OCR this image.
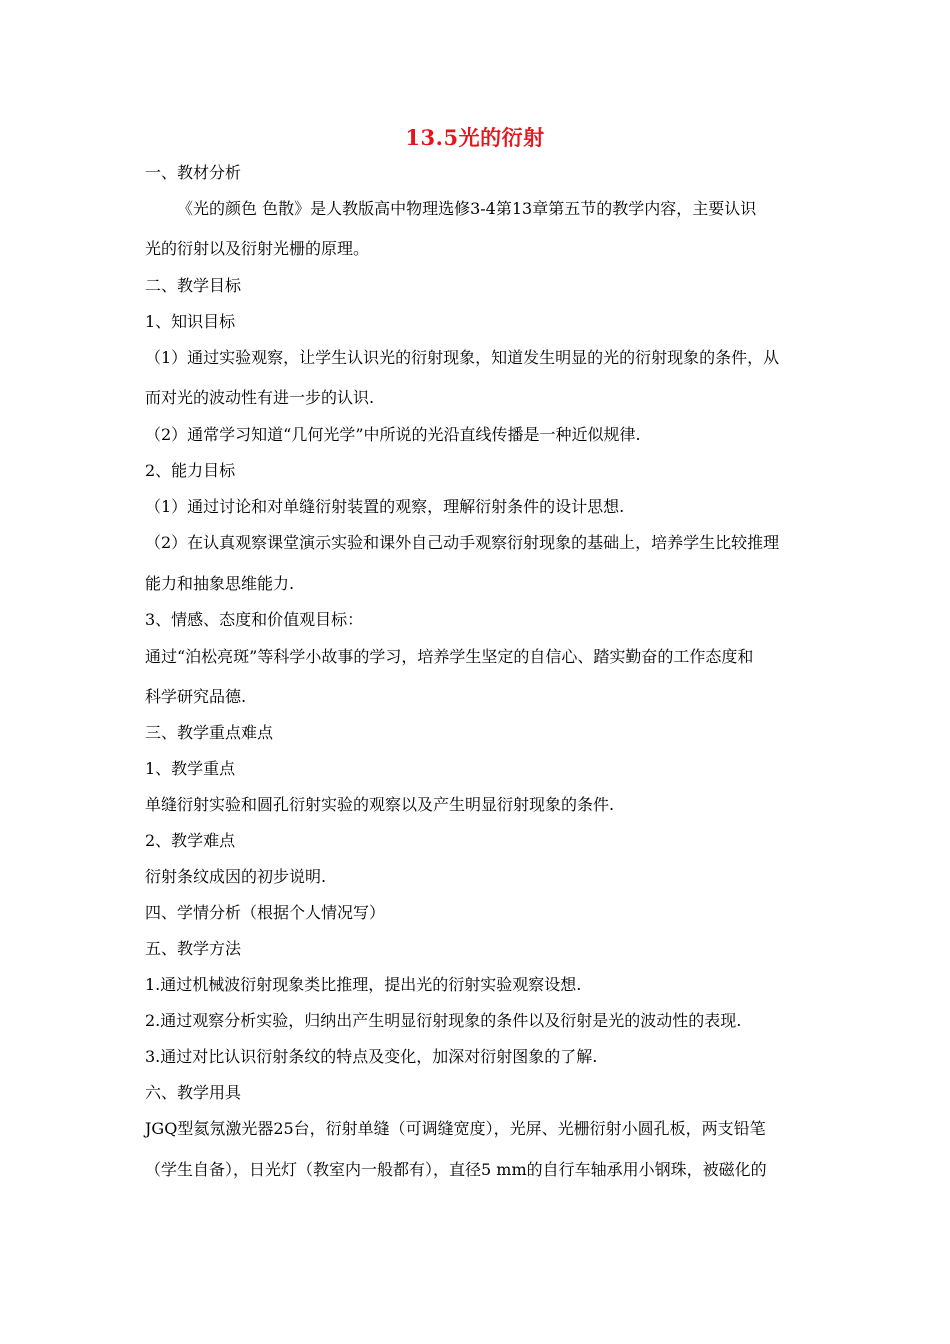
13.5光的衍射
一、教材分析
《光的颜色 色散》是人教版高中物理选修3-4第13章第五节的教学内容，主要认识
光的衍射以及衍射光栅的原理。
二、教学目标
1、知识目标
（1）通过实验观察，让学生认识光的衍射现象，知道发生明显的光的衍射现象的条件，从
而对光的波动性有进一步的认识.
（2）通常学习知道“几何光学”中所说的光沿直线传播是一种近似规律.
2、能力目标
（1）通过讨论和对单缝衍射装置的观察，理解衍射条件的设计思想.
（2）在认真观察课堂演示实验和课外自己动手观察衍射现象的基础上，培养学生比较推理
能力和抽象思维能力.
3、情感、态度和价值观目标：
通过“泊松亮斑”等科学小故事的学习，培养学生坚定的自信心、踏实勤奋的工作态度和
科学研究品德.
三、教学重点难点
1、教学重点
单缝衍射实验和圆孔衍射实验的观察以及产生明显衍射现象的条件.
2、教学难点
衍射条纹成因的初步说明.
四、学情分析（根据个人情况写）
五、教学方法
1.通过机械波衍射现象类比推理，提出光的衍射实验观察设想.
2.通过观察分析实验，归纳出产生明显衍射现象的条件以及衍射是光的波动性的表现.
3.通过对比认识衍射条纹的特点及变化，加深对衍射图象的了解.
六、教学用具
JGQ型氦氖激光器25台，衍射单缝（可调缝宽度），光屏、光栅衍射小圆孔板，两支铅笔
（学生自备），日光灯（教室内一般都有），直径5 mm的自行车轴承用小钢珠，被磁化的
